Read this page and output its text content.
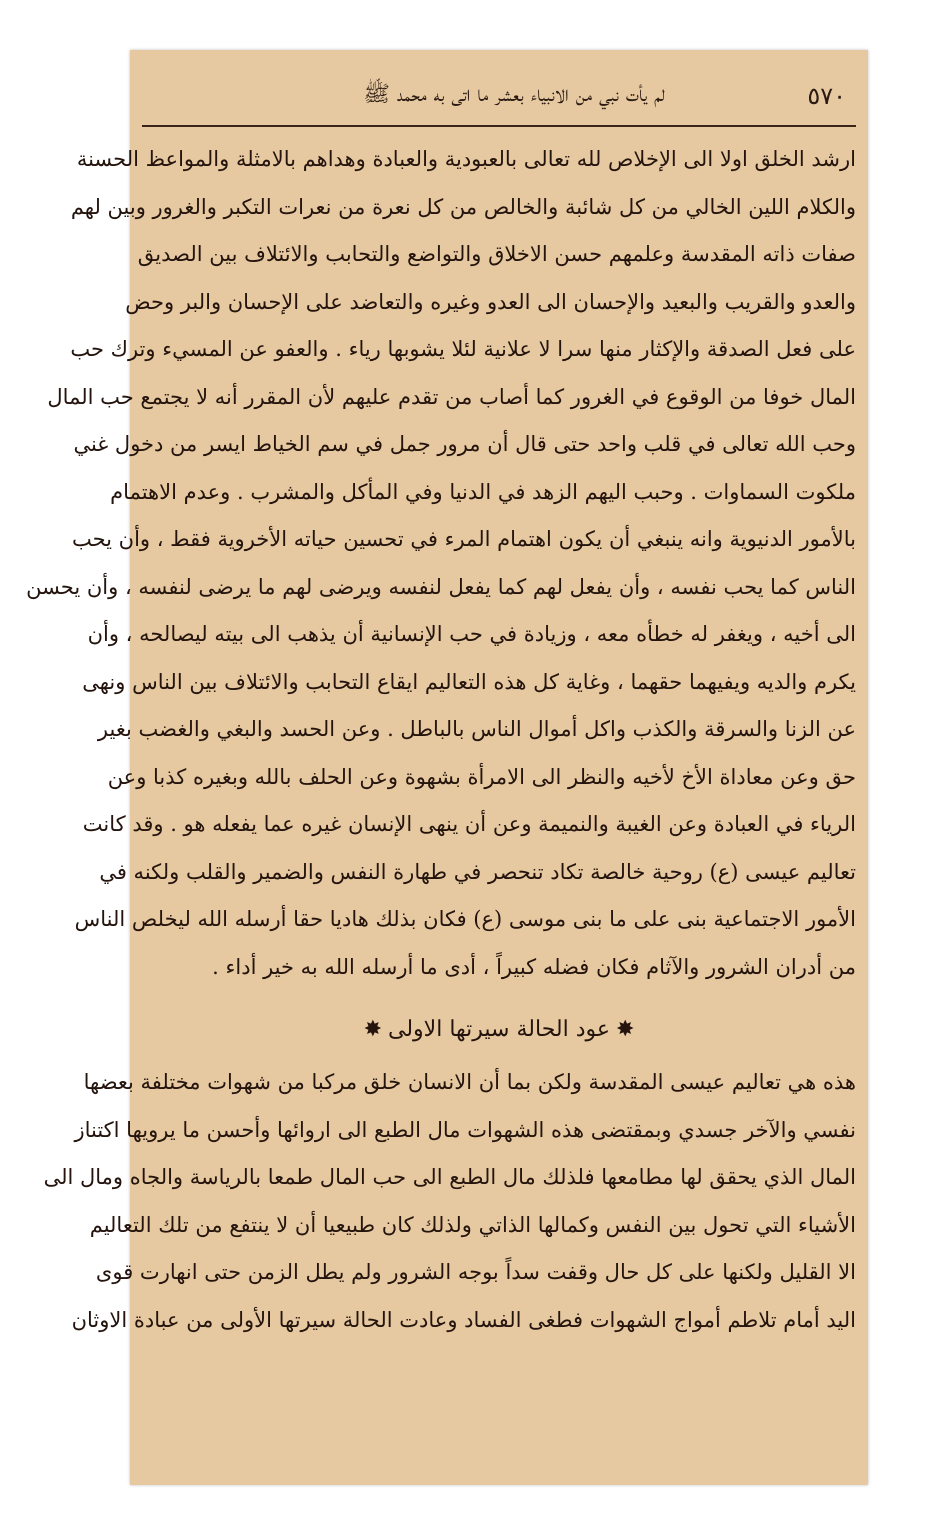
٥٧٠
لم يأت نبي من الانبياء بعشر ما اتى به محمد ﷺ
ارشد الخلق اولا الى الإخلاص لله تعالى بالعبودية والعبادة وهداهم بالامثلة والمواعظ الحسنة
والكلام اللين الخالي من كل شائبة والخالص من كل نعرة من نعرات التكبر والغرور وبين لهم
صفات ذاته المقدسة وعلمهم حسن الاخلاق والتواضع والتحابب والائتلاف بين الصديق
والعدو والقريب والبعيد والإحسان الى العدو وغيره والتعاضد على الإحسان والبر وحض
على فعل الصدقة والإكثار منها سرا لا علانية لئلا يشوبها رياء . والعفو عن المسيء وترك حب
المال خوفا من الوقوع في الغرور كما أصاب من تقدم عليهم لأن المقرر أنه لا يجتمع حب المال
وحب الله تعالى في قلب واحد حتى قال أن مرور جمل في سم الخياط ايسر من دخول غني
ملكوت السماوات . وحبب اليهم الزهد في الدنيا وفي المأكل والمشرب . وعدم الاهتمام
بالأمور الدنيوية وانه ينبغي أن يكون اهتمام المرء في تحسين حياته الأخروية فقط ، وأن يحب
الناس كما يحب نفسه ، وأن يفعل لهم كما يفعل لنفسه ويرضى لهم ما يرضى لنفسه ، وأن يحسن
الى أخيه ، ويغفر له خطأه معه ، وزيادة في حب الإنسانية أن يذهب الى بيته ليصالحه ، وأن
يكرم والديه ويفيهما حقهما ، وغاية كل هذه التعاليم ايقاع التحابب والائتلاف بين الناس ونهى
عن الزنا والسرقة والكذب واكل أموال الناس بالباطل . وعن الحسد والبغي والغضب بغير
حق وعن معاداة الأخ لأخيه والنظر الى الامرأة بشهوة وعن الحلف بالله وبغيره كذبا وعن
الرياء في العبادة وعن الغيبة والنميمة وعن أن ينهى الإنسان غيره عما يفعله هو . وقد كانت
تعاليم عيسى (ع) روحية خالصة تكاد تنحصر في طهارة النفس والضمير والقلب ولكنه في
الأمور الاجتماعية بنى على ما بنى موسى (ع) فكان بذلك هاديا حقا أرسله الله ليخلص الناس
من أدران الشرور والآثام فكان فضله كبيراً ، أدى ما أرسله الله به خير أداء .
✸عود الحالة سيرتها الاولى✸
هذه هي تعاليم عيسى المقدسة ولكن بما أن الانسان خلق مركبا من شهوات مختلفة بعضها
نفسي والآخر جسدي وبمقتضى هذه الشهوات مال الطبع الى اروائها وأحسن ما يرويها اكتناز
المال الذي يحقق لها مطامعها فلذلك مال الطبع الى حب المال طمعا بالرياسة والجاه ومال الى
الأشياء التي تحول بين النفس وكمالها الذاتي ولذلك كان طبيعيا أن لا ينتفع من تلك التعاليم
الا القليل ولكنها على كل حال وقفت سداً بوجه الشرور ولم يطل الزمن حتى انهارت قوى
اليد أمام تلاطم أمواج الشهوات فطغى الفساد وعادت الحالة سيرتها الأولى من عبادة الاوثان
